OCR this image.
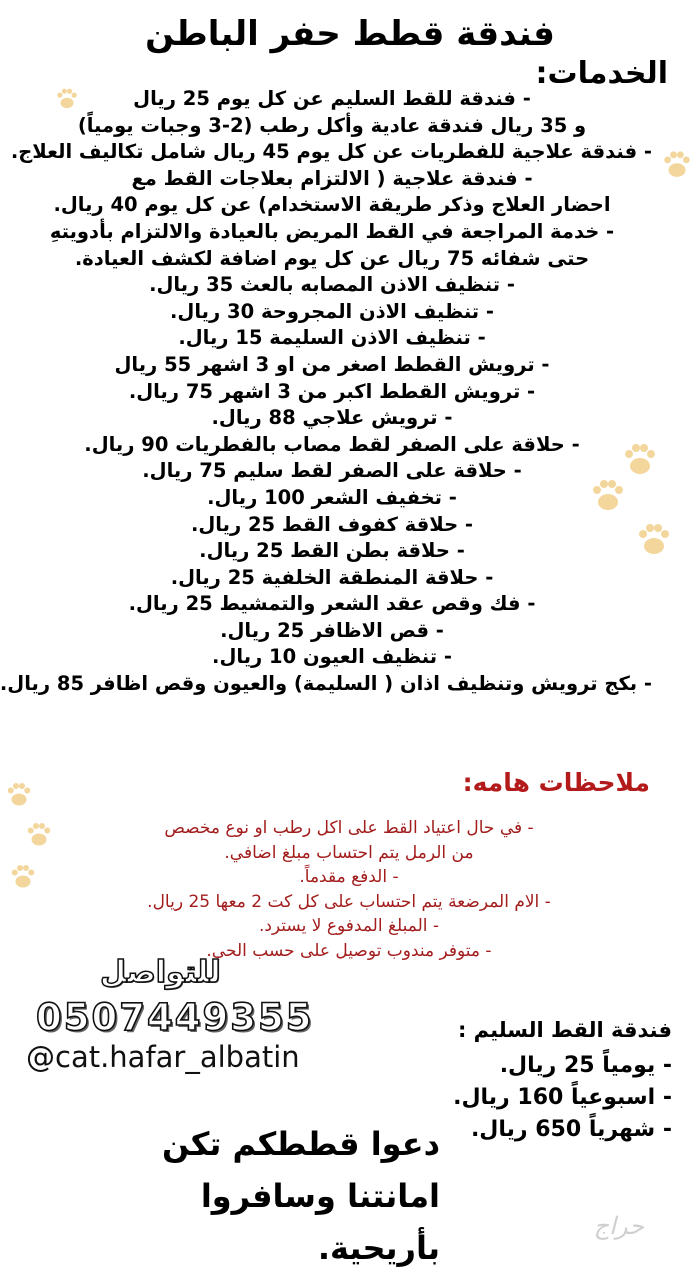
فندقة قطط حفر الباطن
الخدمات:
- فندقة للقط السليم عن كل يوم 25 ريال
و 35 ريال فندقة عادية وأكل رطب (2-3 وجبات يومياً)
- فندقة علاجية للفطريات عن كل يوم 45 ريال شامل تكاليف العلاج.
- فندقة علاجية ( الالتزام بعلاجات القط مع
احضار العلاج وذكر طريقة الاستخدام) عن كل يوم 40 ريال.
- خدمة المراجعة في القط المريض بالعيادة والالتزام بأدويتهِ
حتى شفائه 75 ريال عن كل يوم اضافة لكشف العيادة.
- تنظيف الاذن المصابه بالعث 35 ريال.
- تنظيف الاذن المجروحة 30 ريال.
- تنظيف الاذن السليمة 15 ريال.
- ترويش القطط اصغر من او 3 اشهر 55 ريال
- ترويش القطط اكبر من 3 اشهر 75 ريال.
- ترويش علاجي 88 ريال.
- حلاقة على الصفر لقط مصاب بالفطريات 90 ريال.
- حلاقة على الصفر لقط سليم 75 ريال.
- تخفيف الشعر 100 ريال.
- حلاقة كفوف القط 25 ريال.
- حلاقة بطن القط 25 ريال.
- حلاقة المنطقة الخلفية 25 ريال.
- فك وقص عقد الشعر والتمشيط 25 ريال.
- قص الاظافر 25 ريال.
- تنظيف العيون 10 ريال.
- بكج ترويش وتنظيف اذان ( السليمة) والعيون وقص اظافر 85 ريال.
ملاحظات هامه:
- في حال اعتياد القط على اكل رطب او نوع مخصص
من الرمل يتم احتساب مبلغ اضافي.
- الدفع مقدماً.
- الام المرضعة يتم احتساب على كل كت 2 معها 25 ريال.
- المبلغ المدفوع لا يسترد.
- متوفر مندوب توصيل على حسب الحي.

للتواصل

0507449355

@cat.hafar_albatin

دعوا قططكم تكن امانتنا وسافروا بأريحية.

فندقة القط السليم :

- يومياً 25 ريال.
- اسبوعياً 160 ريال.
- شهرياً 650 ريال.

حراج
